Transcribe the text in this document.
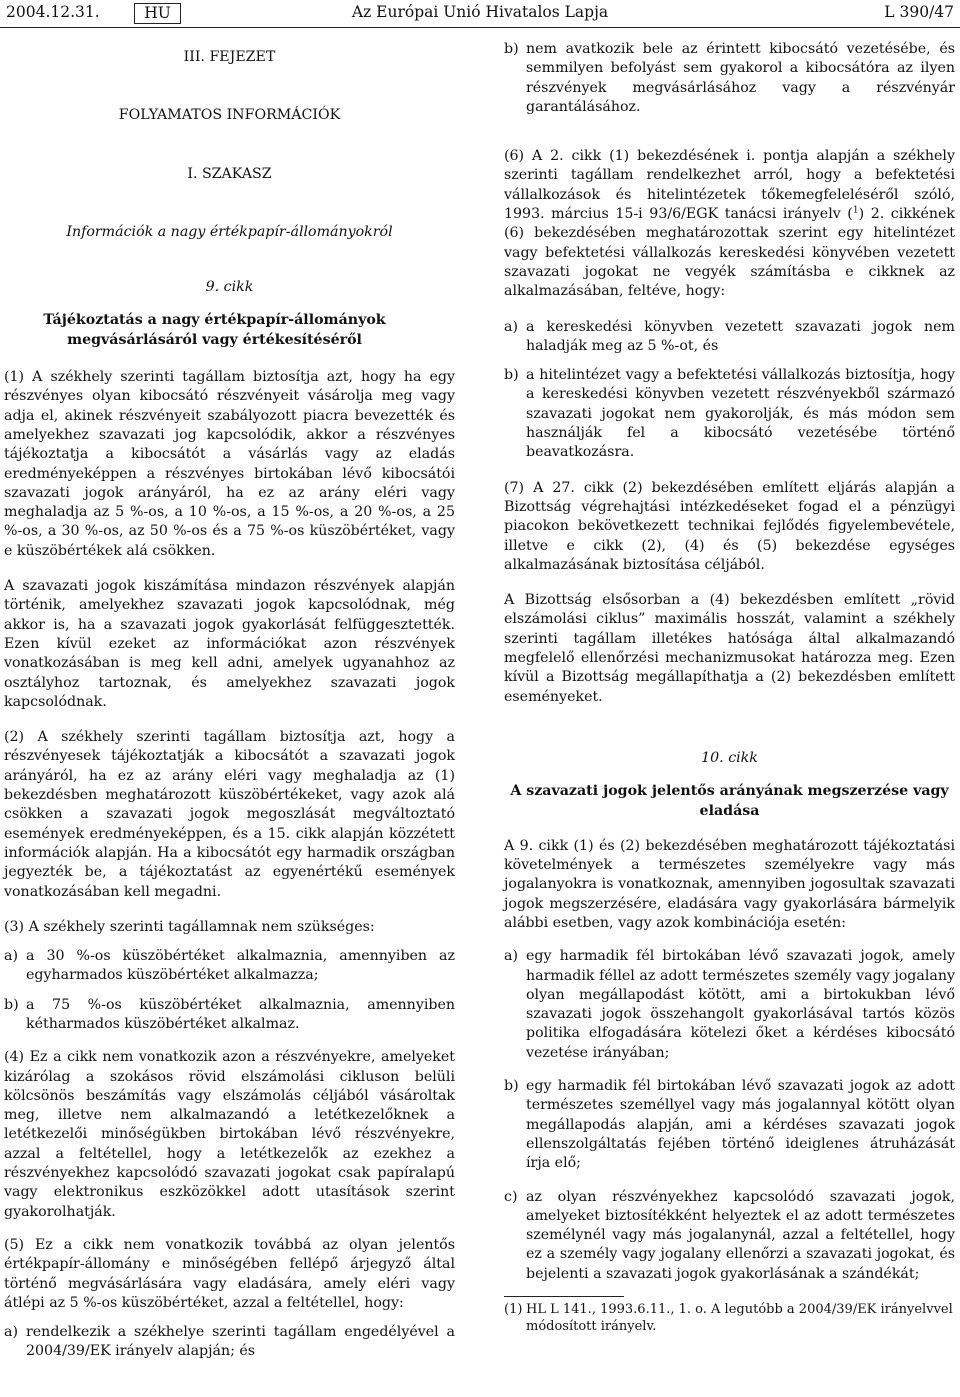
2004.12.31.	Az Európai Unió Hivatalos Lapja
HU	L 390/47

III. FEJEZET

FOLYAMATOS INFORMÁCIÓK

I. SZAKASZ

Információk a nagy értékpapír-állományokról

9. cikk

Tájékoztatás a nagy értékpapír-állományok megvásárlásáról vagy értékesítéséről

(1) A székhely szerinti tagállam biztosítja azt, hogy ha egy részvényes olyan kibocsátó részvényeit vásárolja meg vagy adja el, akinek részvényeit szabályozott piacra bevezették és amelyekhez szavazati jog kapcsolódik, akkor a részvényes tájékoztatja a kibocsátót a vásárlás vagy az eladás eredményeképpen a részvényes birtokában lévő kibocsátói szavazati jogok arányáról, ha ez az arány eléri vagy meghaladja az 5 %-os, a 10 %-os, a 15 %-os, a 20 %-os, a 25 %-os, a 30 %-os, az 50 %-os és a 75 %-os küszöbértéket, vagy e küszöbértékek alá csökken.

A szavazati jogok kiszámítása mindazon részvények alapján történik, amelyekhez szavazati jogok kapcsolódnak, még akkor is, ha a szavazati jogok gyakorlását felfüggesztették. Ezen kívül ezeket az információkat azon részvények vonatkozásában is meg kell adni, amelyek ugyanahhoz az osztályhoz tartoznak, és amelyekhez szavazati jogok kapcsolódnak.

(2) A székhely szerinti tagállam biztosítja azt, hogy a részvényesek tájékoztatják a kibocsátót a szavazati jogok arányáról, ha ez az arány eléri vagy meghaladja az (1) bekezdésben meghatározott küszöbértékeket, vagy azok alá csökken a szavazati jogok megoszlását megváltoztató események eredményeképpen, és a 15. cikk alapján közzétett információk alapján. Ha a kibocsátót egy harmadik országban jegyezték be, a tájékoztatást az egyenértékű események vonatkozásában kell megadni.

(3) A székhely szerinti tagállamnak nem szükséges:

a) a 30 %-os küszöbértéket alkalmaznia, amennyiben az egyharmados küszöbértéket alkalmazza;
b) a 75 %-os küszöbértéket alkalmaznia, amennyiben kétharmados küszöbértéket alkalmaz.

(4) Ez a cikk nem vonatkozik azon a részvényekre, amelyeket kizárólag a szokásos rövid elszámolási cikluson belüli kölcsönös beszámítás vagy elszámolás céljából vásároltak meg, illetve nem alkalmazandó a letétkezelőknek a letétkezelői minőségükben birtokában lévő részvényekre, azzal a feltétellel, hogy a letétkezelők az ezekhez a részvényekhez kapcsolódó szavazati jogokat csak papíralapú vagy elektronikus eszközökkel adott utasítások szerint gyakorolhatják.

(5) Ez a cikk nem vonatkozik továbbá az olyan jelentős értékpapír-állomány e minőségében fellépő árjegyző által történő megvásárlására vagy eladására, amely eléri vagy átlépi az 5 %-os küszöbértéket, azzal a feltétellel, hogy:

a) rendelkezik a székhelye szerinti tagállam engedélyével a 2004/39/EK irányelv alapján; és
b) nem avatkozik bele az érintett kibocsátó vezetésébe, és semmilyen befolyást sem gyakorol a kibocsátóra az ilyen részvények megvásárlásához vagy a részvényár garantálásához.

(6) A 2. cikk (1) bekezdésének i. pontja alapján a székhely szerinti tagállam rendelkezhet arról, hogy a befektetési vállalkozások és hitelintézetek tőkemegfeleléséről szóló, 1993. március 15-i 93/6/EGK tanácsi irányelv ($^1$) 2. cikkének (6) bekezdésében meghatározottak szerint egy hitelintézet vagy befektetési vállalkozás kereskedési könyvében vezetett szavazati jogokat ne vegyék számításba e cikknek az alkalmazásában, feltéve, hogy:

a) a kereskedési könyvben vezetett szavazati jogok nem haladják meg az 5 %-ot, és
b) a hitelintézet vagy a befektetési vállalkozás biztosítja, hogy a kereskedési könyvben vezetett részvényekből származó szavazati jogokat nem gyakorolják, és más módon sem használják fel a kibocsátó vezetésébe történő beavatkozásra.

(7) A 27. cikk (2) bekezdésében említett eljárás alapján a Bizottság végrehajtási intézkedéseket fogad el a pénzügyi piacokon bekövetkezett technikai fejlődés figyelembevétele, illetve e cikk (2), (4) és (5) bekezdése egységes alkalmazásának biztosítása céljából.

A Bizottság elsősorban a (4) bekezdésben említett „rövid elszámolási ciklus” maximális hosszát, valamint a székhely szerinti tagállam illetékes hatósága által alkalmazandó megfelelő ellenőrzési mechanizmusokat határozza meg. Ezen kívül a Bizottság megállapíthatja a (2) bekezdésben említett eseményeket.

10. cikk

A szavazati jogok jelentős arányának megszerzése vagy eladása

A 9. cikk (1) és (2) bekezdésében meghatározott tájékoztatási követelmények a természetes személyekre vagy más jogalanyokra is vonatkoznak, amennyiben jogosultak szavazati jogok megszerzésére, eladására vagy gyakorlására bármelyik alábbi esetben, vagy azok kombinációja esetén:

a) egy harmadik fél birtokában lévő szavazati jogok, amely harmadik féllel az adott természetes személy vagy jogalany olyan megállapodást kötött, ami a birtokukban lévő szavazati jogok összehangolt gyakorlásával tartós közös politika elfogadására kötelezi őket a kérdéses kibocsátó vezetése irányában;
b) egy harmadik fél birtokában lévő szavazati jogok az adott természetes személlyel vagy más jogalannyal kötött olyan megállapodás alapján, ami a kérdéses szavazati jogok ellenszolgáltatás fejében történő ideiglenes átruházását írja elő;
c) az olyan részvényekhez kapcsolódó szavazati jogok, amelyeket biztosítékként helyeztek el az adott természetes személynél vagy más jogalanynál, azzal a feltétellel, hogy ez a személy vagy jogalany ellenőrzi a szavazati jogokat, és bejelenti a szavazati jogok gyakorlásának a szándékát;
(1) HL L 141., 1993.6.11., 1. o. A legutóbb a 2004/39/EK irányelvvel módosított irányelv.
